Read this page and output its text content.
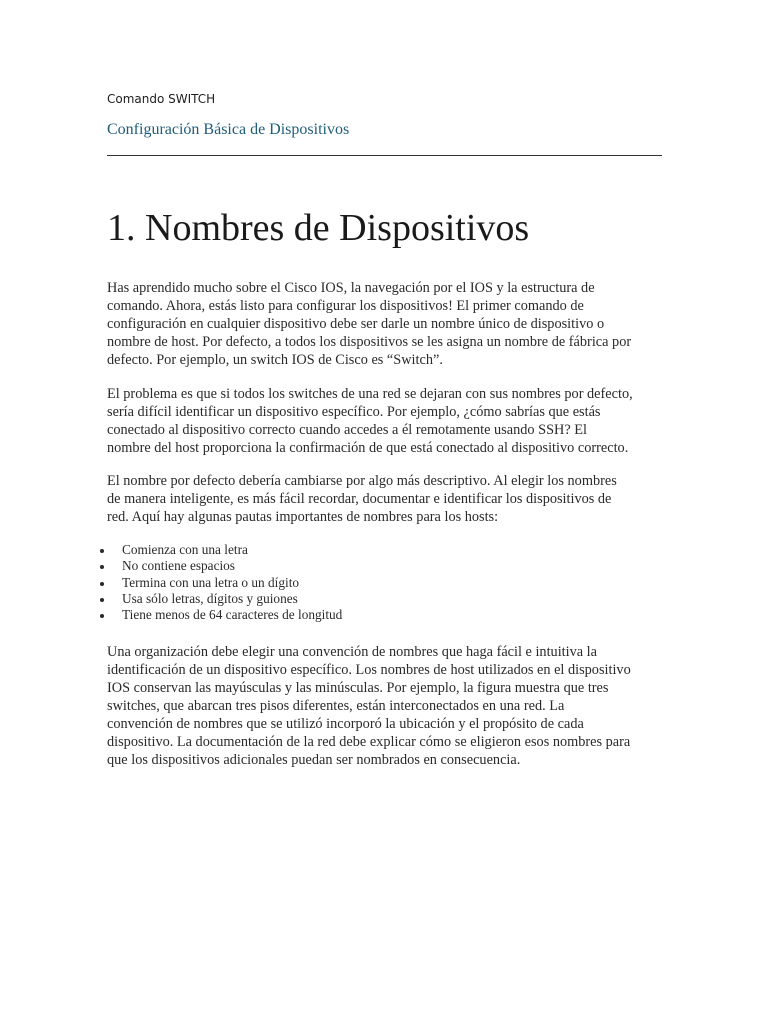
Comando SWITCH
Configuración Básica de Dispositivos
1. Nombres de Dispositivos
Has aprendido mucho sobre el Cisco IOS, la navegación por el IOS y la estructura de
comando. Ahora, estás listo para configurar los dispositivos! El primer comando de
configuración en cualquier dispositivo debe ser darle un nombre único de dispositivo o
nombre de host. Por defecto, a todos los dispositivos se les asigna un nombre de fábrica por
defecto. Por ejemplo, un switch IOS de Cisco es “Switch”.
El problema es que si todos los switches de una red se dejaran con sus nombres por defecto,
sería difícil identificar un dispositivo específico. Por ejemplo, ¿cómo sabrías que estás
conectado al dispositivo correcto cuando accedes a él remotamente usando SSH? El
nombre del host proporciona la confirmación de que está conectado al dispositivo correcto.
El nombre por defecto debería cambiarse por algo más descriptivo. Al elegir los nombres
de manera inteligente, es más fácil recordar, documentar e identificar los dispositivos de
red. Aquí hay algunas pautas importantes de nombres para los hosts:
Comienza con una letra
No contiene espacios
Termina con una letra o un dígito
Usa sólo letras, dígitos y guiones
Tiene menos de 64 caracteres de longitud
Una organización debe elegir una convención de nombres que haga fácil e intuitiva la
identificación de un dispositivo específico. Los nombres de host utilizados en el dispositivo
IOS conservan las mayúsculas y las minúsculas. Por ejemplo, la figura muestra que tres
switches, que abarcan tres pisos diferentes, están interconectados en una red. La
convención de nombres que se utilizó incorporó la ubicación y el propósito de cada
dispositivo. La documentación de la red debe explicar cómo se eligieron esos nombres para
que los dispositivos adicionales puedan ser nombrados en consecuencia.
